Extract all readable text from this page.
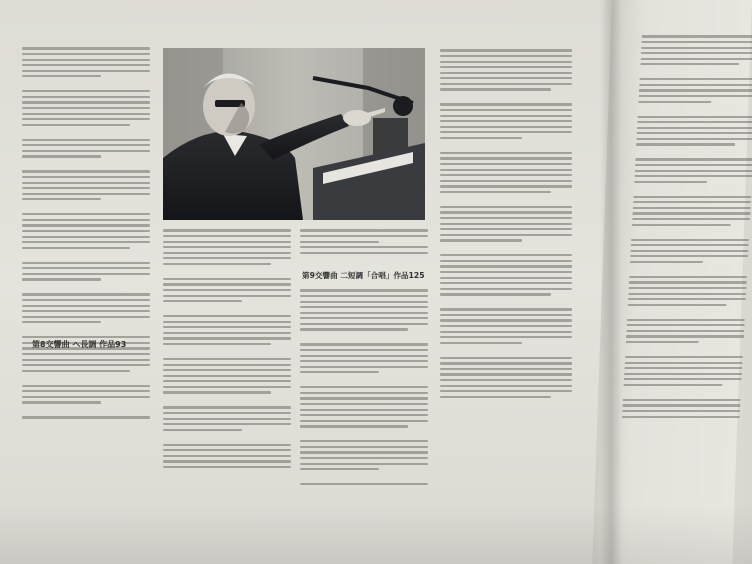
第8交響曲 へ長調 作品93
第9交響曲 二短調「合唱」作品125
